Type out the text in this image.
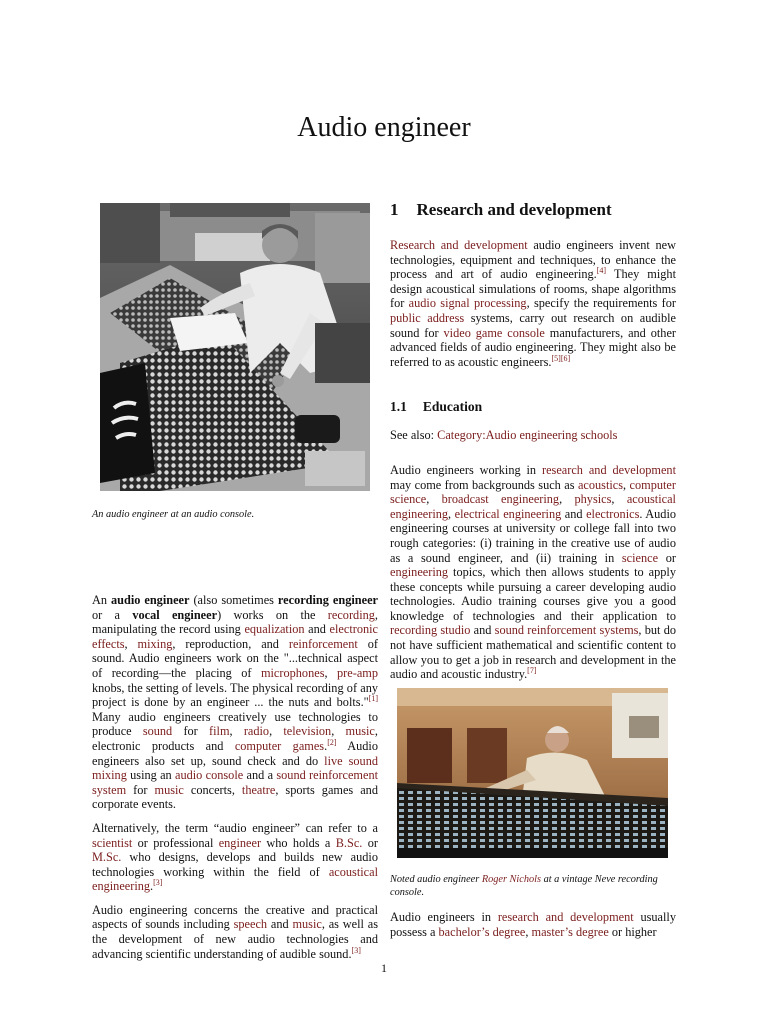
Audio engineer
An audio engineer at an audio console.

An audio engineer (also sometimes recording engineer or a vocal engineer) works on the recording, manipulating the record using equalization and electronic effects, mixing, reproduction, and reinforcement of sound. Audio engineers work on the "...technical aspect of recording—the placing of microphones, pre-amp knobs, the setting of levels. The physical recording of any project is done by an engineer ... the nuts and bolts."[1] Many audio engineers creatively use technologies to produce sound for film, radio, television, music, electronic products and computer games.[2] Audio engineers also set up, sound check and do live sound mixing using an audio console and a sound reinforcement system for music concerts, theatre, sports games and corporate events.

Alternatively, the term “audio engineer” can refer to a scientist or professional engineer who holds a B.Sc. or M.Sc. who designs, develops and builds new audio technologies working within the field of acoustical engineering.[3]

Audio engineering concerns the creative and practical aspects of sounds including speech and music, as well as the development of new audio technologies and advancing scientific understanding of audible sound.[3]

1 Research and development

Research and development audio engineers invent new technologies, equipment and techniques, to enhance the process and art of audio engineering.[4] They might design acoustical simulations of rooms, shape algorithms for audio signal processing, specify the requirements for public address systems, carry out research on audible sound for video game console manufacturers, and other advanced fields of audio engineering. They might also be referred to as acoustic engineers.[5][6]

1.1 Education

See also: Category:Audio engineering schools

Audio engineers working in research and development may come from backgrounds such as acoustics, computer science, broadcast engineering, physics, acoustical engineering, electrical engineering and electronics. Audio engineering courses at university or college fall into two rough categories: (i) training in the creative use of audio as a sound engineer, and (ii) training in science or engineering topics, which then allows students to apply these concepts while pursuing a career developing audio technologies. Audio training courses give you a good knowledge of technologies and their application to recording studio and sound reinforcement systems, but do not have sufficient mathematical and scientific content to allow you to get a job in research and development in the audio and acoustic industry.[7]

Noted audio engineer Roger Nichols at a vintage Neve recording console.

Audio engineers in research and development usually possess a bachelor’s degree, master’s degree or higher

1
